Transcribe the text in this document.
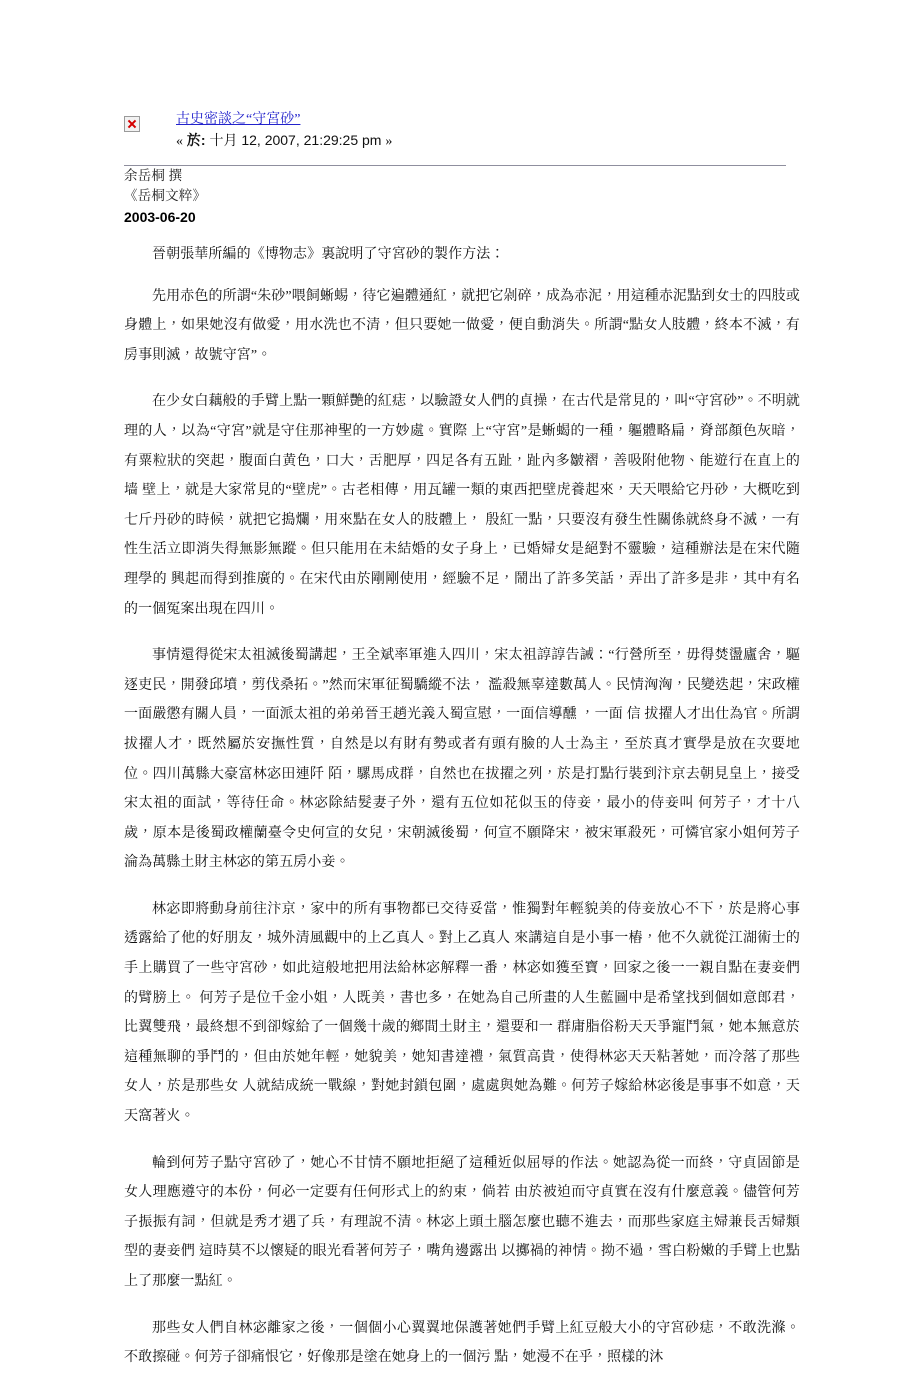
古史密談之“守宮砂”
« 於: 十月 12, 2007, 21:29:25 pm »
余岳桐 撰
《岳桐文粹》
2003-06-20

晉朝張華所編的《博物志》裏說明了守宮砂的製作方法：

先用赤色的所謂“朱砂”喂飼蜥蜴，待它遍體通紅，就把它剁碎，成為赤泥，用這種赤泥點到女士的四肢或身體上，如果她沒有做愛，用水洗也不清，但只要她一做愛，便自動消失。所謂“點女人肢體，終本不滅，有房事則滅，故號守宮”。

在少女白藕般的手臂上點一顆鮮艷的紅痣，以驗證女人們的貞操，在古代是常見的，叫“守宮砂”。不明就理的人，以為“守宮”就是守住那神聖的一方妙處。實際 上“守宮”是蜥蝎的一種，軀體略扁，脊部顏色灰暗，有粟粒狀的突起，腹面白黄色，口大，舌肥厚，四足各有五趾，趾內多皺褶，善吸附他物、能遊行在直上的墙 壁上，就是大家常見的“壁虎”。古老相傳，用瓦罐一類的東西把壁虎養起來，天天喂給它丹砂，大概吃到七斤丹砂的時候，就把它搗爛，用來點在女人的肢體上， 殷紅一點，只要沒有發生性關係就終身不滅，一有性生活立即消失得無影無蹤。但只能用在未結婚的女子身上，已婚婦女是絕對不靈驗，這種辦法是在宋代隨理學的 興起而得到推廣的。在宋代由於剛剛使用，經驗不足，鬧出了許多笑話，弄出了許多是非，其中有名的一個冤案出現在四川。

事情還得從宋太祖滅後蜀講起，王全斌率軍進入四川，宋太祖諄諄告誡：“行營所至，毋得焚盪廬舍，驅逐吏民，開發邱墳，剪伐桑拓。”然而宋軍征蜀驕縱不法， 濫殺無辜達數萬人。民情洶洶，民變迭起，宋政權一面嚴懲有關人員，一面派太祖的弟弟晉王趙光義入蜀宣慰，一面信導醺 ，一面 信 拔擢人才出仕為官。所謂拔擢人才，既然屬於安撫性質，自然是以有財有勢或者有頭有臉的人士為主，至於真才實學是放在次要地位。四川萬縣大豪富林宓田連阡 陌，騾馬成群，自然也在拔擢之列，於是打點行裝到汴京去朝見皇上，接受宋太祖的面試，等待任命。林宓除結髮妻子外，還有五位如花似玉的侍妾，最小的侍妾叫 何芳子，才十八歲，原本是後蜀政權蘭臺令史何宣的女兒，宋朝滅後蜀，何宣不願降宋，被宋軍殺死，可憐官家小姐何芳子淪為萬縣土財主林宓的第五房小妾。

林宓即將動身前往汴京，家中的所有事物都已交待妥當，惟獨對年輕貌美的侍妾放心不下，於是將心事透露給了他的好朋友，城外清風觀中的上乙真人。對上乙真人 來講這自是小事一樁，他不久就從江湖術士的手上購買了一些守宮砂，如此這般地把用法給林宓解釋一番，林宓如獲至寶，回家之後一一親自點在妻妾們的臂膀上。 何芳子是位千金小姐，人既美，書也多，在她為自己所畫的人生藍圖中是希望找到個如意郎君，比翼雙飛，最終想不到卻嫁給了一個幾十歲的鄉間土財主，還要和一 群庸脂俗粉天天爭寵鬥氣，她本無意於這種無聊的爭鬥的，但由於她年輕，她貌美，她知書達禮，氣質高貴，使得林宓天天粘著她，而冷落了那些女人，於是那些女 人就結成統一戰線，對她封鎖包圍，處處與她為難。何芳子嫁給林宓後是事事不如意，天天窩著火。

輪到何芳子點守宮砂了，她心不甘情不願地拒絕了這種近似屈辱的作法。她認為從一而終，守貞固節是女人理應遵守的本份，何必一定要有任何形式上的約束，倘若 由於被迫而守貞實在沒有什麼意義。儘管何芳子振振有詞，但就是秀才遇了兵，有理說不清。林宓上頭土腦怎麼也聽不進去，而那些家庭主婦兼長舌婦類型的妻妾們 這時莫不以懷疑的眼光看著何芳子，嘴角邊露出 以擲禍的神情。拗不過，雪白粉嫩的手臂上也點上了那麼一點紅。

那些女人們自林宓離家之後，一個個小心翼翼地保護著她們手臂上紅豆般大小的守宮砂痣，不敢洗滌。不敢擦碰。何芳子卻痛恨它，好像那是塗在她身上的一個污 點，她漫不在乎，照樣的沐
